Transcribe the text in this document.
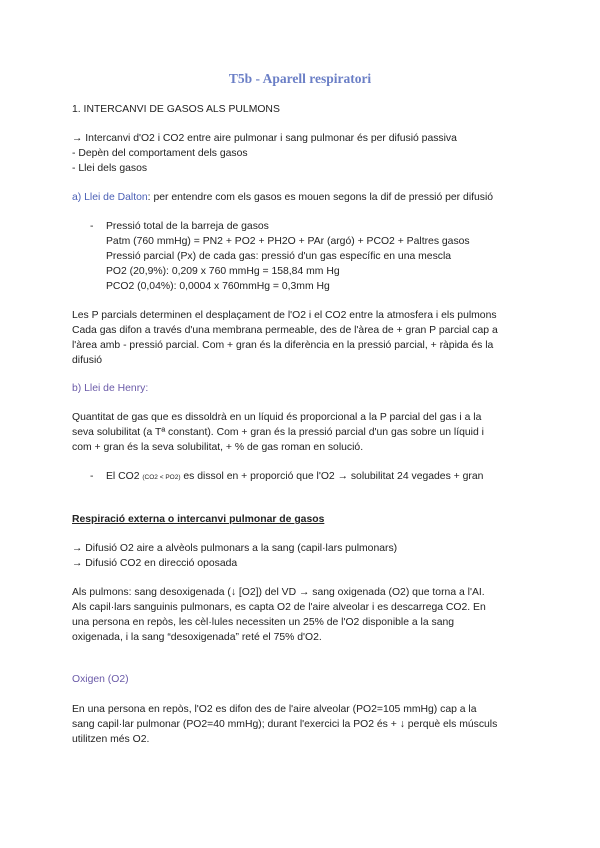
T5b - Aparell respiratori
1. INTERCANVI DE GASOS ALS PULMONS
→ Intercanvi d'O2 i CO2 entre aire pulmonar i sang pulmonar és per difusió passiva
- Depèn del comportament dels gasos
- Llei dels gasos
a) Llei de Dalton: per entendre com els gasos es mouen segons la dif de pressió per difusió
- Pressió total de la barreja de gasos
Patm (760 mmHg) = PN2 + PO2 + PH2O + PAr (argó) + PCO2 + Paltres gasos
Pressió parcial (Px) de cada gas: pressió d'un gas específic en una mescla
PO2 (20,9%): 0,209 x 760 mmHg = 158,84 mm Hg
PCO2 (0,04%): 0,0004 x 760mmHg = 0,3mm Hg
Les P parcials determinen el desplaçament de l'O2 i el CO2 entre la atmosfera i els pulmons
Cada gas difon a través d'una membrana permeable, des de l'àrea de + gran P parcial cap a
l'àrea amb - pressió parcial. Com + gran és la diferència en la pressió parcial, + ràpida és la
difusió
b) Llei de Henry:
Quantitat de gas que es dissoldrà en un líquid és proporcional a la P parcial del gas i a la
seva solubilitat (a Tª constant). Com + gran és la pressió parcial d'un gas sobre un líquid i
com + gran és la seva solubilitat, + % de gas roman en solució.
- El CO2 (CO2 < PO2) es dissol en + proporció que l'O2 → solubilitat 24 vegades + gran
Respiració externa o intercanvi pulmonar de gasos
→ Difusió O2 aire a alvèols pulmonars a la sang (capil·lars pulmonars)
→ Difusió CO2 en direcció oposada
Als pulmons: sang desoxigenada (↓ [O2]) del VD → sang oxigenada (O2) que torna a l'AI.
Als capil·lars sanguinis pulmonars, es capta O2 de l'aire alveolar i es descarrega CO2. En
una persona en repòs, les cèl·lules necessiten un 25% de l'O2 disponible a la sang
oxigenada, i la sang “desoxigenada” reté el 75% d'O2.
Oxigen (O2)
En una persona en repòs, l'O2 es difon des de l'aire alveolar (PO2=105 mmHg) cap a la
sang capil·lar pulmonar (PO2=40 mmHg); durant l'exercici la PO2 és + ↓ perquè els músculs
utilitzen més O2.
